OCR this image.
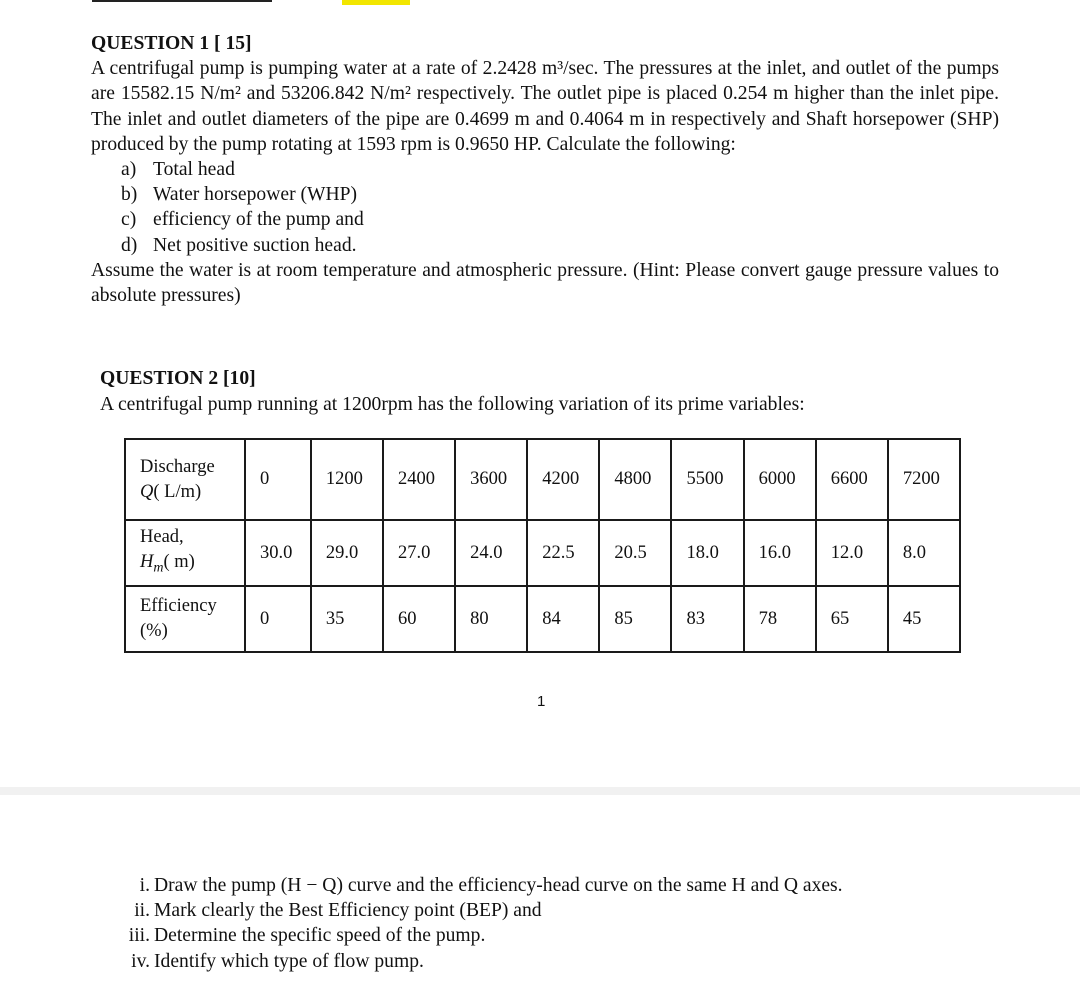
QUESTION 1 [ 15]
A centrifugal pump is pumping water at a rate of 2.2428 m³/sec. The pressures at the inlet, and outlet of the pumps are 15582.15 N/m² and 53206.842 N/m² respectively. The outlet pipe is placed 0.254 m higher than the inlet pipe. The inlet and outlet diameters of the pipe are 0.4699 m and 0.4064 m in respectively and Shaft horsepower (SHP) produced by the pump rotating at 1593 rpm is 0.9650 HP. Calculate the following:
a) Total head
b) Water horsepower (WHP)
c) efficiency of the pump and
d) Net positive suction head.
Assume the water is at room temperature and atmospheric pressure. (Hint: Please convert gauge pressure values to absolute pressures)
QUESTION 2 [10]
A centrifugal pump running at 1200rpm has the following variation of its prime variables:
Discharge
Q( L/m)	0	1200	2400	3600	4200	4800	5500	6000	6600	7200

Head,
$H_m$( m)	30.0	29.0	27.0	24.0	22.5	20.5	18.0	16.0	12.0	8.0

Efficiency
(%)	0	35	60	80	84	85	83	78	65	45
1
i. Draw the pump (H − Q) curve and the efficiency-head curve on the same H and Q axes.
ii. Mark clearly the Best Efficiency point (BEP) and
iii. Determine the specific speed of the pump.
iv. Identify which type of flow pump.
